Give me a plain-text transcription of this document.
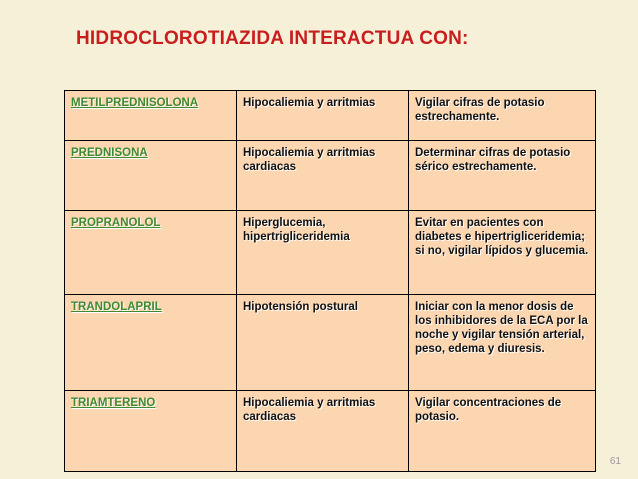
HIDROCLOROTIAZIDA INTERACTUA CON:
METILPREDNISOLONA	Hipocaliemia y arritmias	Vigilar cifras de potasio estrechamente.
PREDNISONA	Hipocaliemia y arritmias cardiacas	Determinar cifras de potasio sérico estrechamente.
PROPRANOLOL	Hiperglucemia, hipertrigliceridemia	Evitar en pacientes con diabetes e hipertrigliceridemia; si no, vigilar lípidos y glucemia.
TRANDOLAPRIL	Hipotensión postural	Iniciar con la menor dosis de los inhibidores de la ECA por la noche y vigilar tensión arterial, peso, edema y diuresis.
TRIAMTERENO	Hipocaliemia y arritmias cardiacas	Vigilar concentraciones de potasio.
61
